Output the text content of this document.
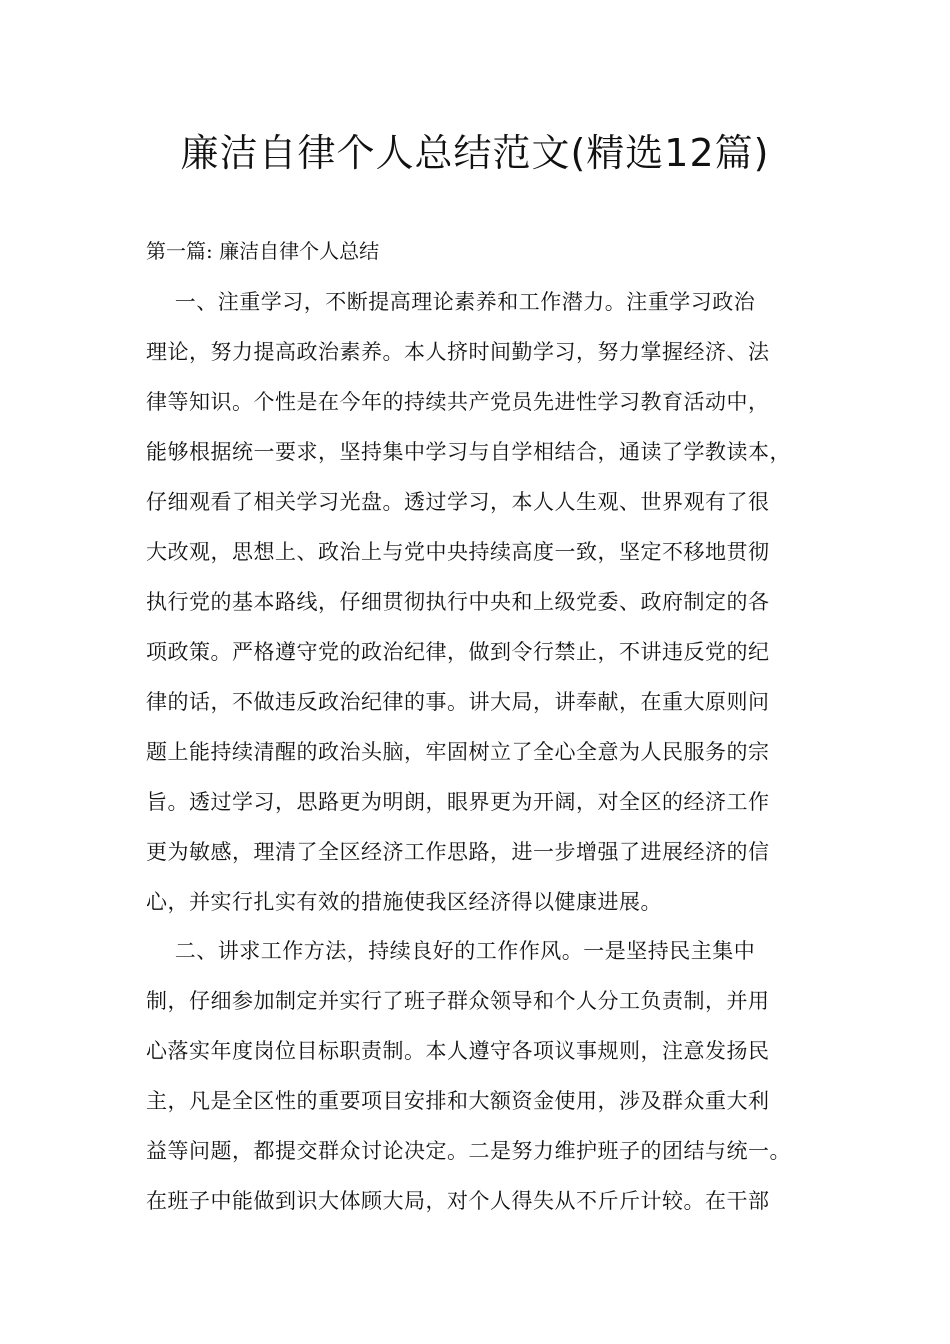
廉洁自律个人总结范文(精选12篇)

第一篇: 廉洁自律个人总结

一、注重学习，不断提高理论素养和工作潜力。注重学习政治
理论，努力提高政治素养。本人挤时间勤学习，努力掌握经济、法
律等知识。个性是在今年的持续共产党员先进性学习教育活动中，
能够根据统一要求，坚持集中学习与自学相结合，通读了学教读本，
仔细观看了相关学习光盘。透过学习，本人人生观、世界观有了很
大改观，思想上、政治上与党中央持续高度一致，坚定不移地贯彻
执行党的基本路线，仔细贯彻执行中央和上级党委、政府制定的各
项政策。严格遵守党的政治纪律，做到令行禁止，不讲违反党的纪
律的话，不做违反政治纪律的事。讲大局，讲奉献，在重大原则问
题上能持续清醒的政治头脑，牢固树立了全心全意为人民服务的宗
旨。透过学习，思路更为明朗，眼界更为开阔，对全区的经济工作
更为敏感，理清了全区经济工作思路，进一步增强了进展经济的信
心，并实行扎实有效的措施使我区经济得以健康进展。
二、讲求工作方法，持续良好的工作作风。一是坚持民主集中
制，仔细参加制定并实行了班子群众领导和个人分工负责制，并用
心落实年度岗位目标职责制。本人遵守各项议事规则，注意发扬民
主，凡是全区性的重要项目安排和大额资金使用，涉及群众重大利
益等问题，都提交群众讨论决定。二是努力维护班子的团结与统一。
在班子中能做到识大体顾大局，对个人得失从不斤斤计较。在干部
